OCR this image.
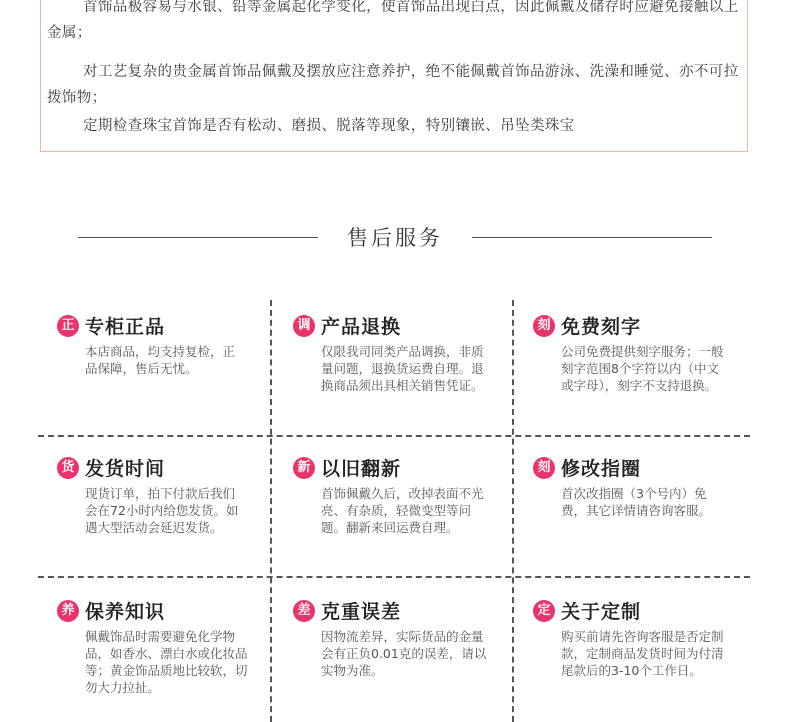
首饰品极容易与水银、铅等金属起化学变化，使首饰品出现白点，因此佩戴及储存时应避免接触以上金属；

对工艺复杂的贵金属首饰品佩戴及摆放应注意养护，绝不能佩戴首饰品游泳、洗澡和睡觉、亦不可拉拨饰物；

定期检查珠宝首饰是否有松动、磨损、脱落等现象，特别镶嵌、吊坠类珠宝

售后服务
正 专柜正品

本店商品，均支持复检，正品保障，售后无忧。

调 产品退换

仅限我司同类产品调换，非质量问题，退换货运费自理。退换商品须出具相关销售凭证。

刻 免费刻字

公司免费提供刻字服务；一般刻字范围8个字符以内（中文或字母），刻字不支持退换。

货 发货时间

现货订单，拍下付款后我们会在72小时内给您发货。如遇大型活动会延迟发货。

新 以旧翻新

首饰佩戴久后，改掉表面不光亮、有杂质，轻微变型等问题。翻新来回运费自理。

刻 修改指圈

首次改指圈（3个号内）免费，其它详情请咨询客服。

养 保养知识

佩戴饰品时需要避免化学物品，如香水、漂白水或化妆品等；黄金饰品质地比较软，切勿大力拉扯。

差 克重误差

因物流差异，实际货品的金量会有正负0.01克的误差，请以实物为准。

定 关于定制

购买前请先咨询客服是否定制款，定制商品发货时间为付清尾款后的3-10个工作日。
